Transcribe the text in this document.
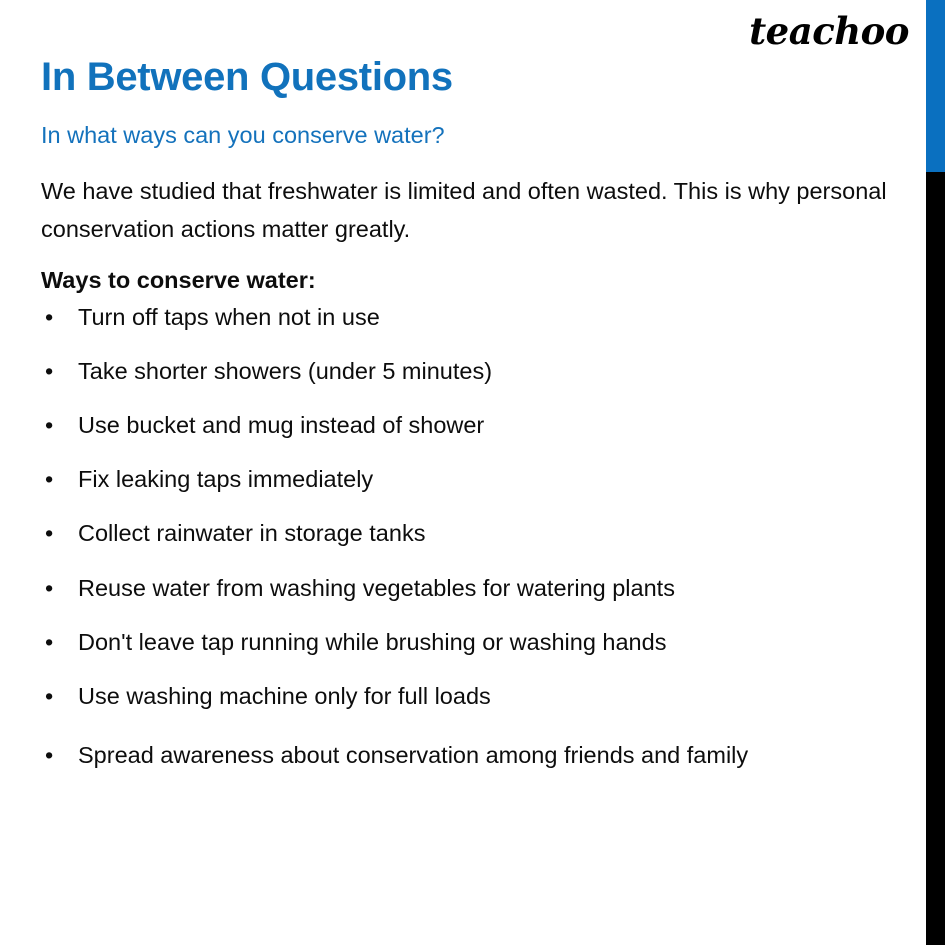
teachoo
In Between Questions

In what ways can you conserve water?

We have studied that freshwater is limited and often wasted. This is why personal conservation actions matter greatly.

Ways to conserve water:

• Turn off taps when not in use
• Take shorter showers (under 5 minutes)
• Use bucket and mug instead of shower
• Fix leaking taps immediately
• Collect rainwater in storage tanks
• Reuse water from washing vegetables for watering plants
• Don't leave tap running while brushing or washing hands
• Use washing machine only for full loads
• Spread awareness about conservation among friends and family
